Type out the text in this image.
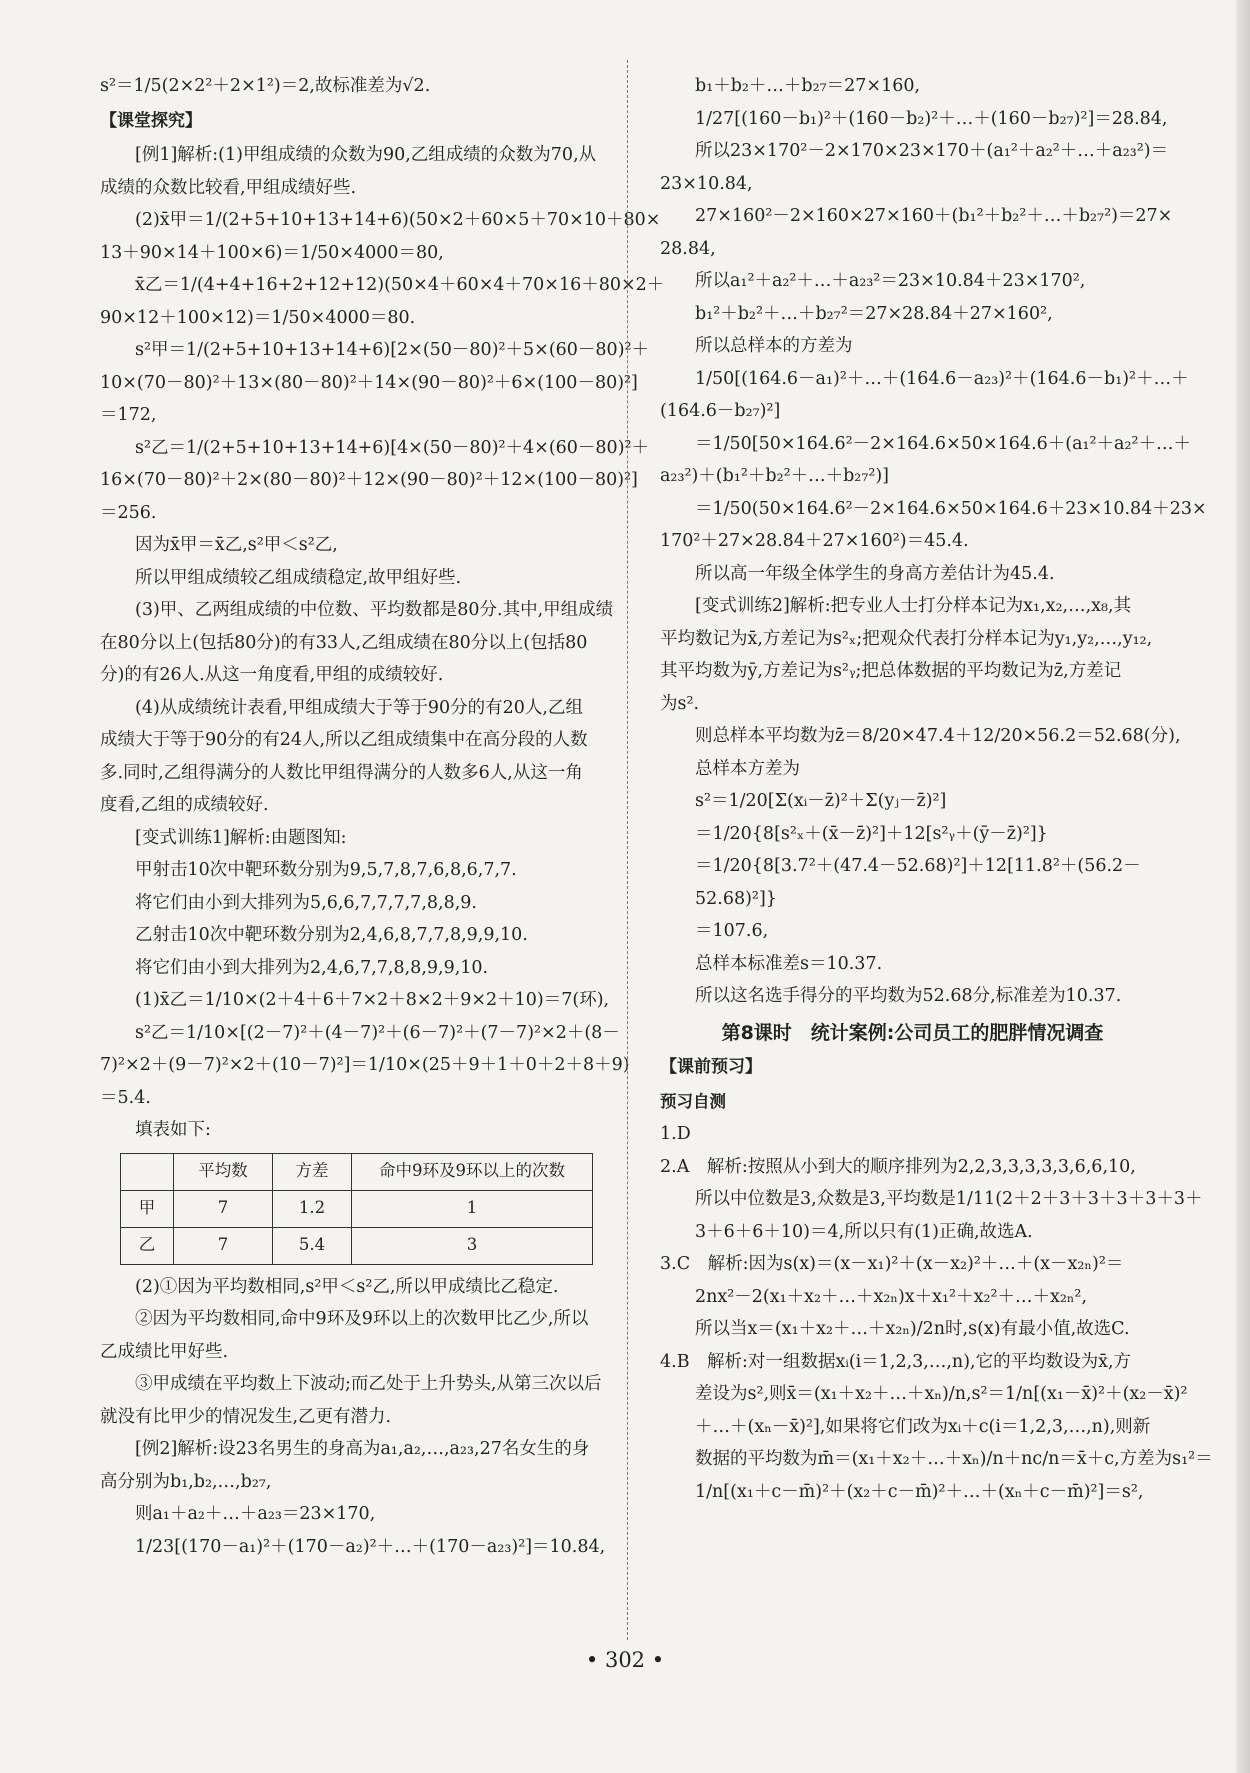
s²＝1/5(2×2²＋2×1²)＝2,故标准差为√2.
【课堂探究】
[例1]解析:(1)甲组成绩的众数为90,乙组成绩的众数为70,从
成绩的众数比较看,甲组成绩好些.
(2)x̄甲＝1/(2+5+10+13+14+6)(50×2＋60×5＋70×10＋80×
13＋90×14＋100×6)＝1/50×4000＝80,
x̄乙＝1/(4+4+16+2+12+12)(50×4＋60×4＋70×16＋80×2＋
90×12＋100×12)＝1/50×4000＝80.
s²甲＝1/(2+5+10+13+14+6)[2×(50－80)²＋5×(60－80)²＋
10×(70－80)²＋13×(80－80)²＋14×(90－80)²＋6×(100－80)²]
＝172,
s²乙＝1/(2+5+10+13+14+6)[4×(50－80)²＋4×(60－80)²＋
16×(70－80)²＋2×(80－80)²＋12×(90－80)²＋12×(100－80)²]
＝256.
因为x̄甲＝x̄乙,s²甲＜s²乙,
所以甲组成绩较乙组成绩稳定,故甲组好些.
(3)甲、乙两组成绩的中位数、平均数都是80分.其中,甲组成绩
在80分以上(包括80分)的有33人,乙组成绩在80分以上(包括80
分)的有26人.从这一角度看,甲组的成绩较好.
(4)从成绩统计表看,甲组成绩大于等于90分的有20人,乙组
成绩大于等于90分的有24人,所以乙组成绩集中在高分段的人数
多.同时,乙组得满分的人数比甲组得满分的人数多6人,从这一角
度看,乙组的成绩较好.
[变式训练1]解析:由题图知:
甲射击10次中靶环数分别为9,5,7,8,7,6,8,6,7,7.
将它们由小到大排列为5,6,6,7,7,7,7,8,8,9.
乙射击10次中靶环数分别为2,4,6,8,7,7,8,9,9,10.
将它们由小到大排列为2,4,6,7,7,8,8,9,9,10.
(1)x̄乙＝1/10×(2＋4＋6＋7×2＋8×2＋9×2＋10)＝7(环),
s²乙＝1/10×[(2－7)²＋(4－7)²＋(6－7)²＋(7－7)²×2＋(8－
7)²×2＋(9－7)²×2＋(10－7)²]＝1/10×(25＋9＋1＋0＋2＋8＋9)
＝5.4.
填表如下:
	平均数	方差	命中9环及9环以上的次数
甲	7	1.2	1
乙	7	5.4	3
(2)①因为平均数相同,s²甲＜s²乙,所以甲成绩比乙稳定.
②因为平均数相同,命中9环及9环以上的次数甲比乙少,所以
乙成绩比甲好些.
③甲成绩在平均数上下波动;而乙处于上升势头,从第三次以后
就没有比甲少的情况发生,乙更有潜力.
[例2]解析:设23名男生的身高为a₁,a₂,…,a₂₃,27名女生的身
高分别为b₁,b₂,…,b₂₇,
则a₁＋a₂＋…＋a₂₃＝23×170,
1/23[(170－a₁)²＋(170－a₂)²＋…＋(170－a₂₃)²]＝10.84,
b₁＋b₂＋…＋b₂₇＝27×160,
1/27[(160－b₁)²＋(160－b₂)²＋…＋(160－b₂₇)²]＝28.84,
所以23×170²－2×170×23×170＋(a₁²＋a₂²＋…＋a₂₃²)＝
23×10.84,
27×160²－2×160×27×160＋(b₁²＋b₂²＋…＋b₂₇²)＝27×
28.84,
所以a₁²＋a₂²＋…＋a₂₃²＝23×10.84＋23×170²,
b₁²＋b₂²＋…＋b₂₇²＝27×28.84＋27×160²,
所以总样本的方差为
1/50[(164.6－a₁)²＋…＋(164.6－a₂₃)²＋(164.6－b₁)²＋…＋
(164.6－b₂₇)²]
＝1/50[50×164.6²－2×164.6×50×164.6＋(a₁²＋a₂²＋…＋
a₂₃²)＋(b₁²＋b₂²＋…＋b₂₇²)]
＝1/50(50×164.6²－2×164.6×50×164.6＋23×10.84＋23×
170²＋27×28.84＋27×160²)＝45.4.
所以高一年级全体学生的身高方差估计为45.4.
[变式训练2]解析:把专业人士打分样本记为x₁,x₂,…,x₈,其
平均数记为x̄,方差记为s²ₓ;把观众代表打分样本记为y₁,y₂,…,y₁₂,
其平均数为ȳ,方差记为s²ᵧ;把总体数据的平均数记为z̄,方差记
为s².
则总样本平均数为z̄＝8/20×47.4＋12/20×56.2＝52.68(分),
总样本方差为
s²＝1/20[Σ(xᵢ－z̄)²＋Σ(yⱼ－z̄)²]
＝1/20{8[s²ₓ＋(x̄－z̄)²]＋12[s²ᵧ＋(ȳ－z̄)²]}
＝1/20{8[3.7²＋(47.4－52.68)²]＋12[11.8²＋(56.2－
52.68)²]}
＝107.6,
总样本标准差s＝10.37.
所以这名选手得分的平均数为52.68分,标准差为10.37.
第8课时　统计案例:公司员工的肥胖情况调查
【课前预习】
预习自测
1.D
2.A　解析:按照从小到大的顺序排列为2,2,3,3,3,3,3,6,6,10,
所以中位数是3,众数是3,平均数是1/11(2＋2＋3＋3＋3＋3＋3＋
3＋6＋6＋10)＝4,所以只有(1)正确,故选A.
3.C　解析:因为s(x)＝(x－x₁)²＋(x－x₂)²＋…＋(x－x₂ₙ)²＝
2nx²－2(x₁＋x₂＋…＋x₂ₙ)x＋x₁²＋x₂²＋…＋x₂ₙ²,
所以当x＝(x₁＋x₂＋…＋x₂ₙ)/2n时,s(x)有最小值,故选C.
4.B　解析:对一组数据xᵢ(i＝1,2,3,…,n),它的平均数设为x̄,方
差设为s²,则x̄＝(x₁＋x₂＋…＋xₙ)/n,s²＝1/n[(x₁－x̄)²＋(x₂－x̄)²
＋…＋(xₙ－x̄)²],如果将它们改为xᵢ＋c(i＝1,2,3,…,n),则新
数据的平均数为m̄＝(x₁＋x₂＋…＋xₙ)/n＋nc/n＝x̄＋c,方差为s₁²＝
1/n[(x₁＋c－m̄)²＋(x₂＋c－m̄)²＋…＋(xₙ＋c－m̄)²]＝s²,
• 302 •
